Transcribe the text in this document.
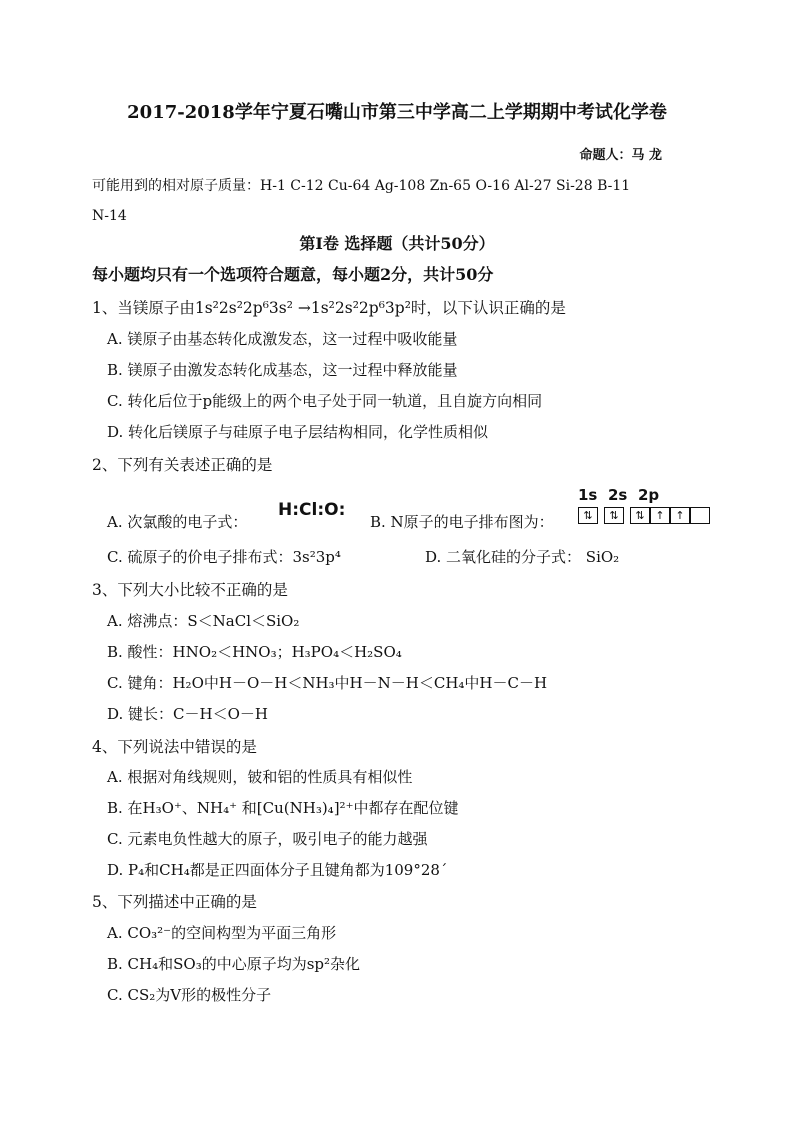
2017-2018学年宁夏石嘴山市第三中学高二上学期期中考试化学卷
命题人：马 龙
可能用到的相对原子质量：H-1 C-12 Cu-64 Ag-108 Zn-65 O-16 Al-27 Si-28 B-11
N-14
第Ⅰ卷 选择题（共计50分）
每小题均只有一个选项符合题意，每小题2分，共计50分
1、当镁原子由1s²2s²2p⁶3s² →1s²2s²2p⁶3p²时，以下认识正确的是
A. 镁原子由基态转化成激发态，这一过程中吸收能量
B. 镁原子由激发态转化成基态，这一过程中释放能量
C. 转化后位于p能级上的两个电子处于同一轨道，且自旋方向相同
D. 转化后镁原子与硅原子电子层结构相同，化学性质相似
2、下列有关表述正确的是
A. 次氯酸的电子式：
H:Cl:O:
B. N原子的电子排布图为：
1s 2s 2p
⇅	⇅	⇅ ↑ ↑
C. 硫原子的价电子排布式：3s²3p⁴	D. 二氧化硅的分子式： SiO₂
3、下列大小比较不正确的是
A. 熔沸点：S＜NaCl＜SiO₂
B. 酸性：HNO₂＜HNO₃；H₃PO₄＜H₂SO₄
C. 键角：H₂O中H－O－H＜NH₃中H－N－H＜CH₄中H－C－H
D. 键长：C－H＜O－H
4、下列说法中错误的是
A. 根据对角线规则，铍和铝的性质具有相似性
B. 在H₃O⁺、NH₄⁺ 和[Cu(NH₃)₄]²⁺中都存在配位键
C. 元素电负性越大的原子，吸引电子的能力越强
D. P₄和CH₄都是正四面体分子且键角都为109°28´
5、下列描述中正确的是
A. CO₃²⁻的空间构型为平面三角形
B. CH₄和SO₃的中心原子均为sp²杂化
C. CS₂为V形的极性分子
